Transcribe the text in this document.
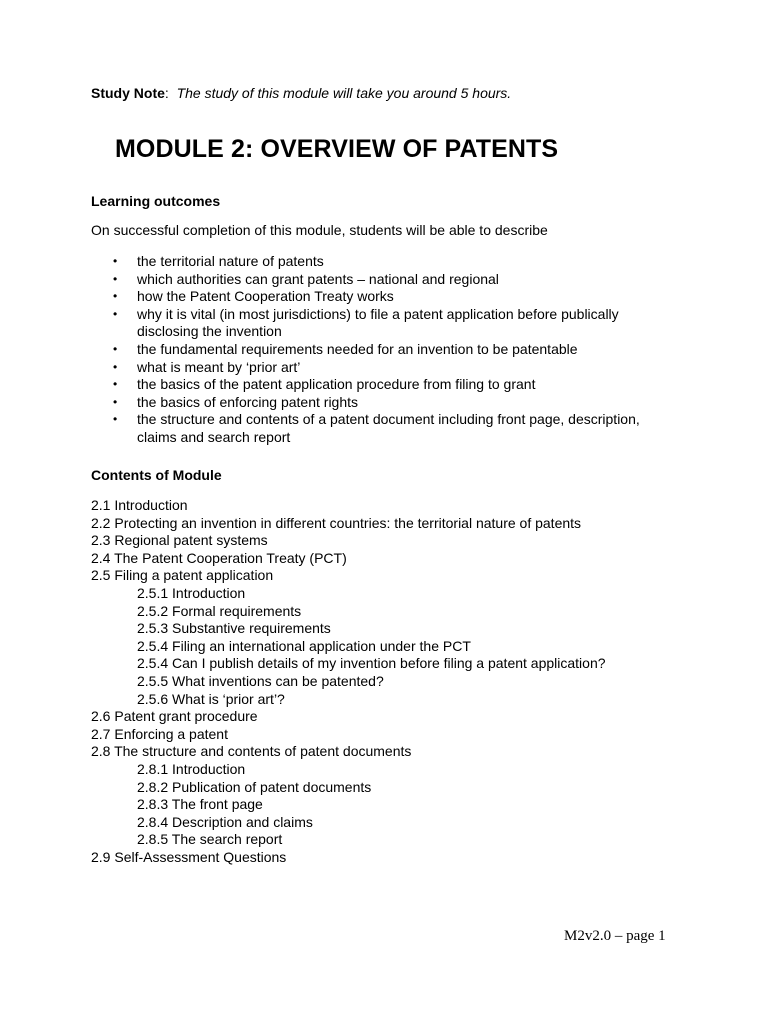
Study Note: The study of this module will take you around 5 hours.
MODULE 2: OVERVIEW OF PATENTS
Learning outcomes
On successful completion of this module, students will be able to describe
• the territorial nature of patents
• which authorities can grant patents – national and regional
• how the Patent Cooperation Treaty works
• why it is vital (in most jurisdictions) to file a patent application before publically
disclosing the invention
• the fundamental requirements needed for an invention to be patentable
• what is meant by ‘prior art’
• the basics of the patent application procedure from filing to grant
• the basics of enforcing patent rights
• the structure and contents of a patent document including front page, description,
claims and search report
Contents of Module
2.1 Introduction
2.2 Protecting an invention in different countries: the territorial nature of patents
2.3 Regional patent systems
2.4 The Patent Cooperation Treaty (PCT)
2.5 Filing a patent application
2.5.1 Introduction
2.5.2 Formal requirements
2.5.3 Substantive requirements
2.5.4 Filing an international application under the PCT
2.5.4 Can I publish details of my invention before filing a patent application?
2.5.5 What inventions can be patented?
2.5.6 What is ‘prior art’?
2.6 Patent grant procedure
2.7 Enforcing a patent
2.8 The structure and contents of patent documents
2.8.1 Introduction
2.8.2 Publication of patent documents
2.8.3 The front page
2.8.4 Description and claims
2.8.5 The search report
2.9 Self-Assessment Questions
M2v2.0 – page 1
